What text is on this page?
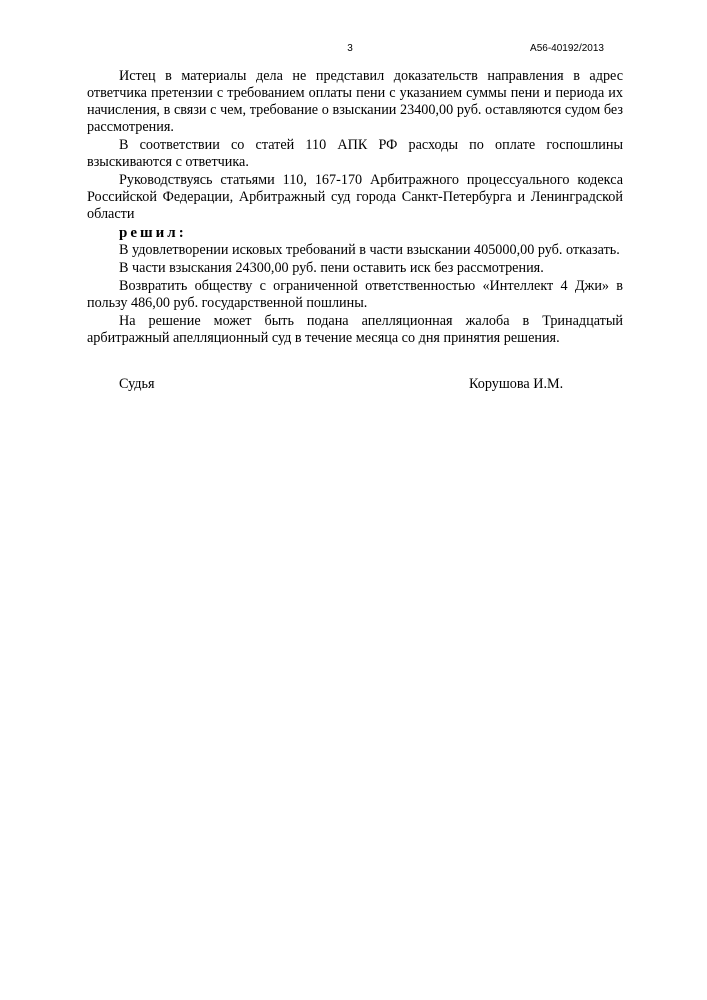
3	А56-40192/2013

Истец в материалы дела не представил доказательств направления в адрес ответчика претензии с требованием оплаты пени с указанием суммы пени и периода их начисления, в связи с чем, требование о взыскании 23400,00 руб. оставляются судом без рассмотрения.

В соответствии со статей 110 АПК РФ расходы по оплате госпошлины взыскиваются с ответчика.

Руководствуясь статьями 110, 167-170 Арбитражного процессуального кодекса Российской Федерации, Арбитражный суд города Санкт-Петербурга и Ленинградской области

решил:

В удовлетворении исковых требований в части взыскании 405000,00 руб. отказать.

В части взыскания 24300,00 руб. пени оставить иск без рассмотрения.

Возвратить обществу с ограниченной ответственностью «Интеллект 4 Джи» в пользу 486,00 руб. государственной пошлины.

На решение может быть подана апелляционная жалоба в Тринадцатый арбитражный апелляционный суд в течение месяца со дня принятия решения.

Судья	Корушова И.М.
